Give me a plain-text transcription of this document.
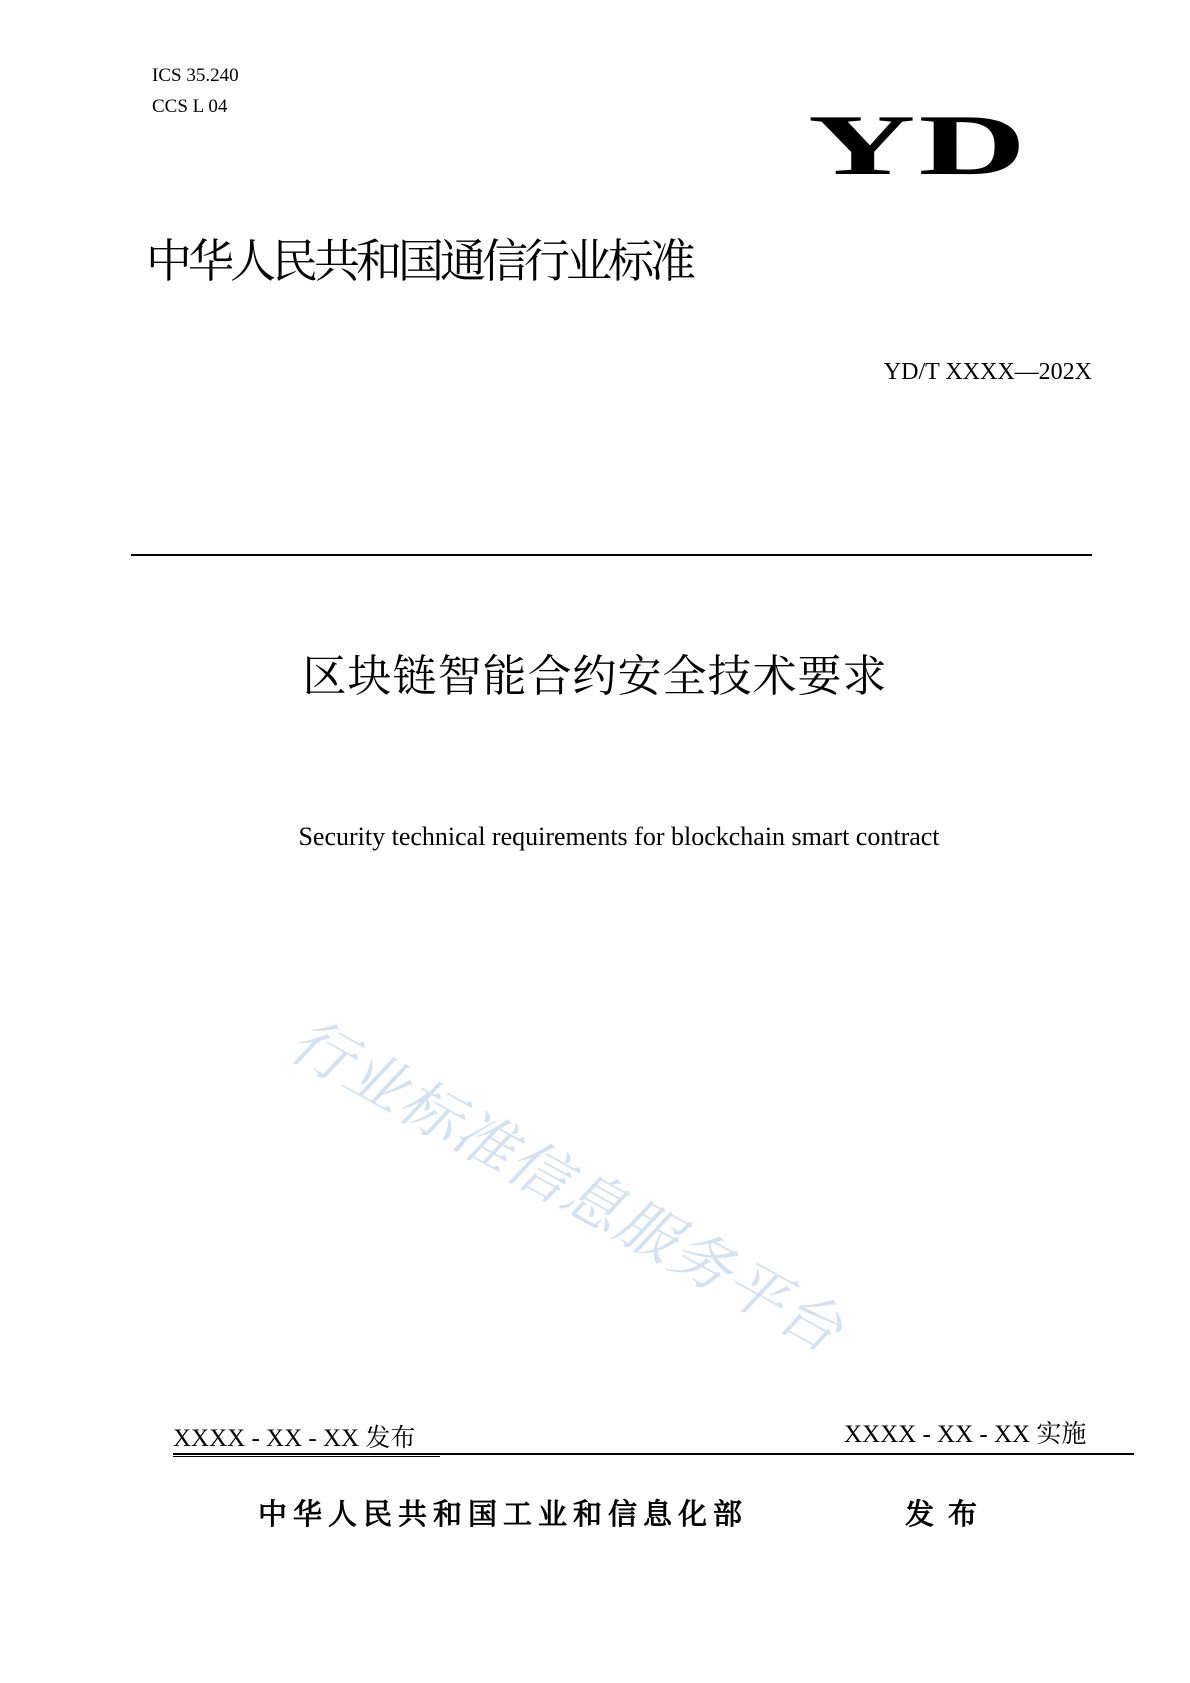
ICS 35.240
CCS L 04	YD
中华人民共和国通信行业标准
YD/T XXXX—202X
区块链智能合约安全技术要求
Security technical requirements for blockchain smart contract
行业标准信息服务平台
XXXX - XX - XX 发布	XXXX - XX - XX 实施
中华人民共和国工业和信息化部	发布
